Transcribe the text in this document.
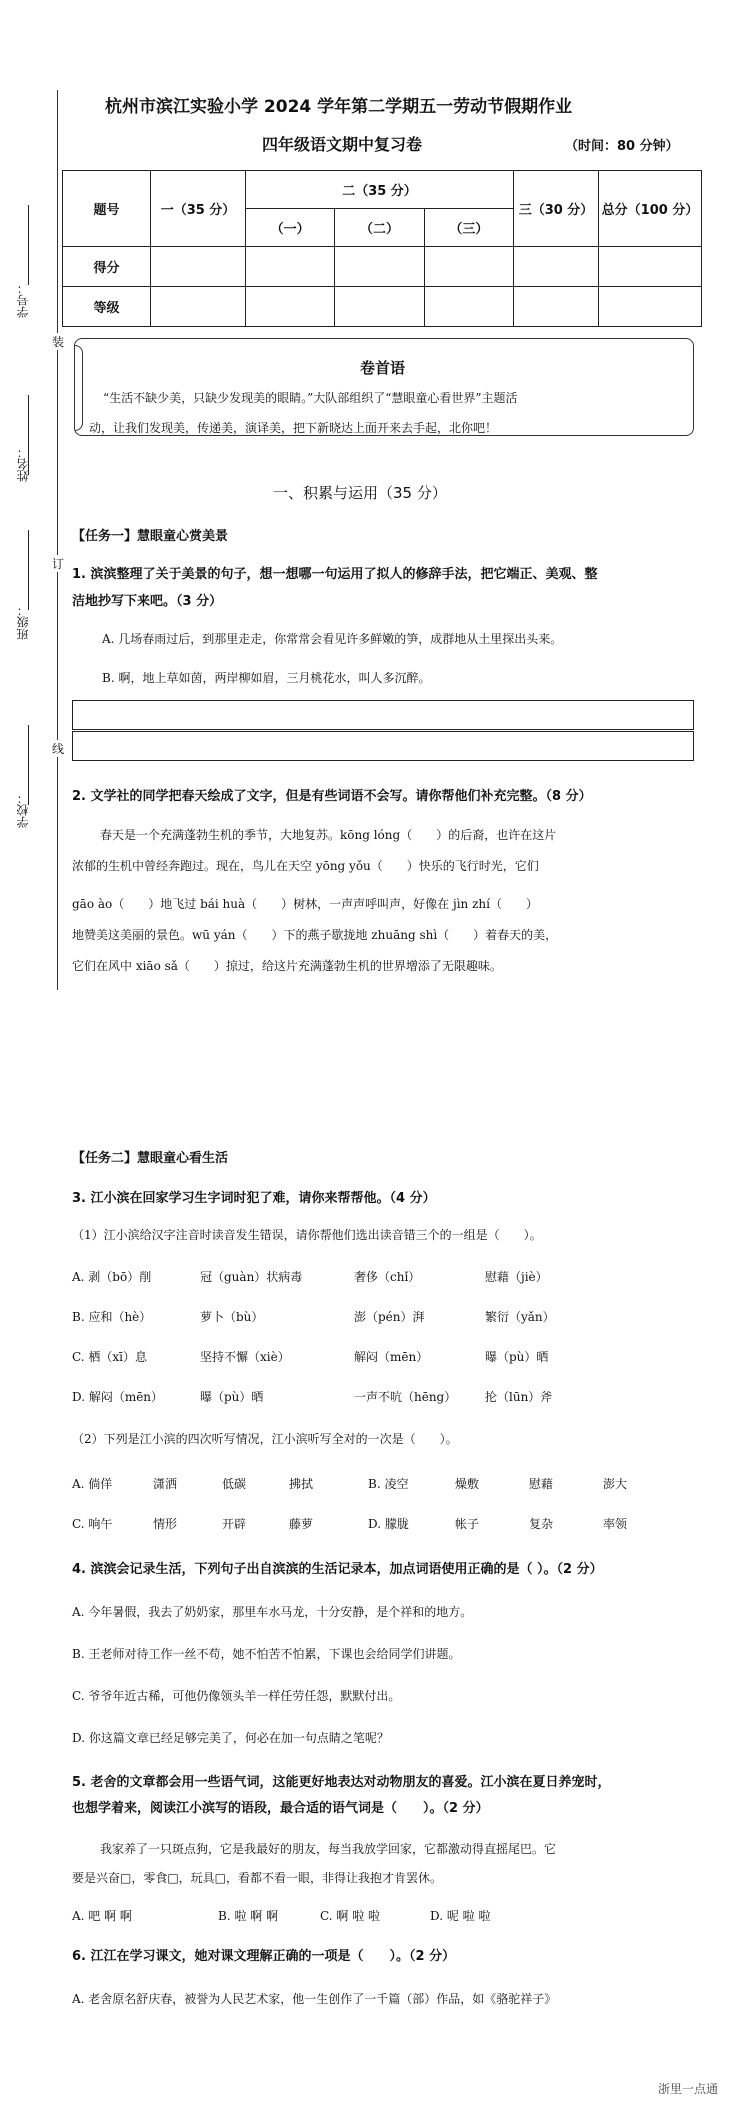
装
订
线
学号：
姓名：
班级：
学校：
杭州市滨江实验小学 2024 学年第二学期五一劳动节假期作业
四年级语文期中复习卷	（时间：80 分钟）
题号	一（35 分）	二（35 分）			三（30 分）	总分（100 分）
		（一）	（二）	（三）		
得分						
等级						
卷首语
“生活不缺少美，只缺少发现美的眼睛。”大队部组织了“慧眼童心看世界”主题活
动，让我们发现美，传递美，演译美，把下新晓达上面开来去手起，北你吧！
一、积累与运用（35 分）
【任务一】慧眼童心赏美景
1. 滨滨整理了关于美景的句子，想一想哪一句运用了拟人的修辞手法，把它端正、美观、整
洁地抄写下来吧。（3 分）
A. 几场春雨过后，到那里走走，你常常会看见许多鲜嫩的笋，成群地从土里探出头来。
B. 啊，地上草如茵，两岸柳如眉，三月桃花水，叫人多沉醉。
2. 文学社的同学把春天绘成了文字，但是有些词语不会写。请你帮他们补充完整。（8 分）
春天是一个充满蓬勃生机的季节，大地复苏。kōng lóng（　　）的后裔，也许在这片
浓郁的生机中曾经奔跑过。现在，鸟儿在天空 yōng yǒu（　　）快乐的飞行时光，它们
gāo ào（　　）地飞过 bái huà（　　）树林，一声声呼叫声，好像在 jìn zhí（　　）
地赞美这美丽的景色。wū yán（　　）下的燕子歇拢地 zhuāng shì（　　）着春天的美，
它们在风中 xiāo sǎ（　　）掠过，给这片充满蓬勃生机的世界增添了无限趣味。
【任务二】慧眼童心看生活
3. 江小滨在回家学习生字词时犯了难，请你来帮帮他。（4 分）
（1）江小滨给汉字注音时读音发生错误，请你帮他们选出读音错三个的一组是（　　）。
A. 剥（bō）削	冠（guàn）状病毒	奢侈（chǐ）	慰藉（jiè）
B. 应和（hè）	萝卜（bù）	澎（pén）湃	繁衍（yǎn）
C. 栖（xī）息	坚持不懈（xiè）	解闷（mēn）	曝（pù）晒
D. 解闷（mēn）	曝（pù）晒	一声不吭（hēng） 抡（lūn）斧
（2）下列是江小滨的四次听写情况，江小滨听写全对的一次是（　　）。
A. 倘佯	潇洒	低碳	拂拭	B. 凌空	燥敷	慰藉	澎大
C. 响午	情形	开辟	藤萝	D. 朦胧	帐子	复杂	率领
4. 滨滨会记录生活，下列句子出自滨滨的生活记录本，加点词语使用正确的是（ ）。（2 分）
A. 今年暑假，我去了奶奶家，那里车水马龙，十分安静，是个祥和的地方。
B. 王老师对待工作一丝不苟，她不怕苦不怕累，下课也会给同学们讲题。
C. 爷爷年近古稀，可他仍像领头羊一样任劳任怨，默默付出。
D. 你这篇文章已经足够完美了，何必在加一句点睛之笔呢？
5. 老舍的文章都会用一些语气词，这能更好地表达对动物朋友的喜爱。江小滨在夏日养宠时，
也想学着来，阅读江小滨写的语段，最合适的语气词是（　　）。（2 分）
我家养了一只斑点狗，它是我最好的朋友，每当我放学回家，它都激动得直摇尾巴。它
要是兴奋□，零食□，玩具□，看都不看一眼，非得让我抱才肯罢休。
A. 吧 啊 啊	B. 啦 啊 啊	C. 啊 啦 啦	D. 呢 啦 啦
6. 江江在学习课文，她对课文理解正确的一项是（　　）。（2 分）
A. 老舍原名舒庆春，被誉为人民艺术家，他一生创作了一千篇（部）作品，如《骆驼祥子》
浙里一点通
